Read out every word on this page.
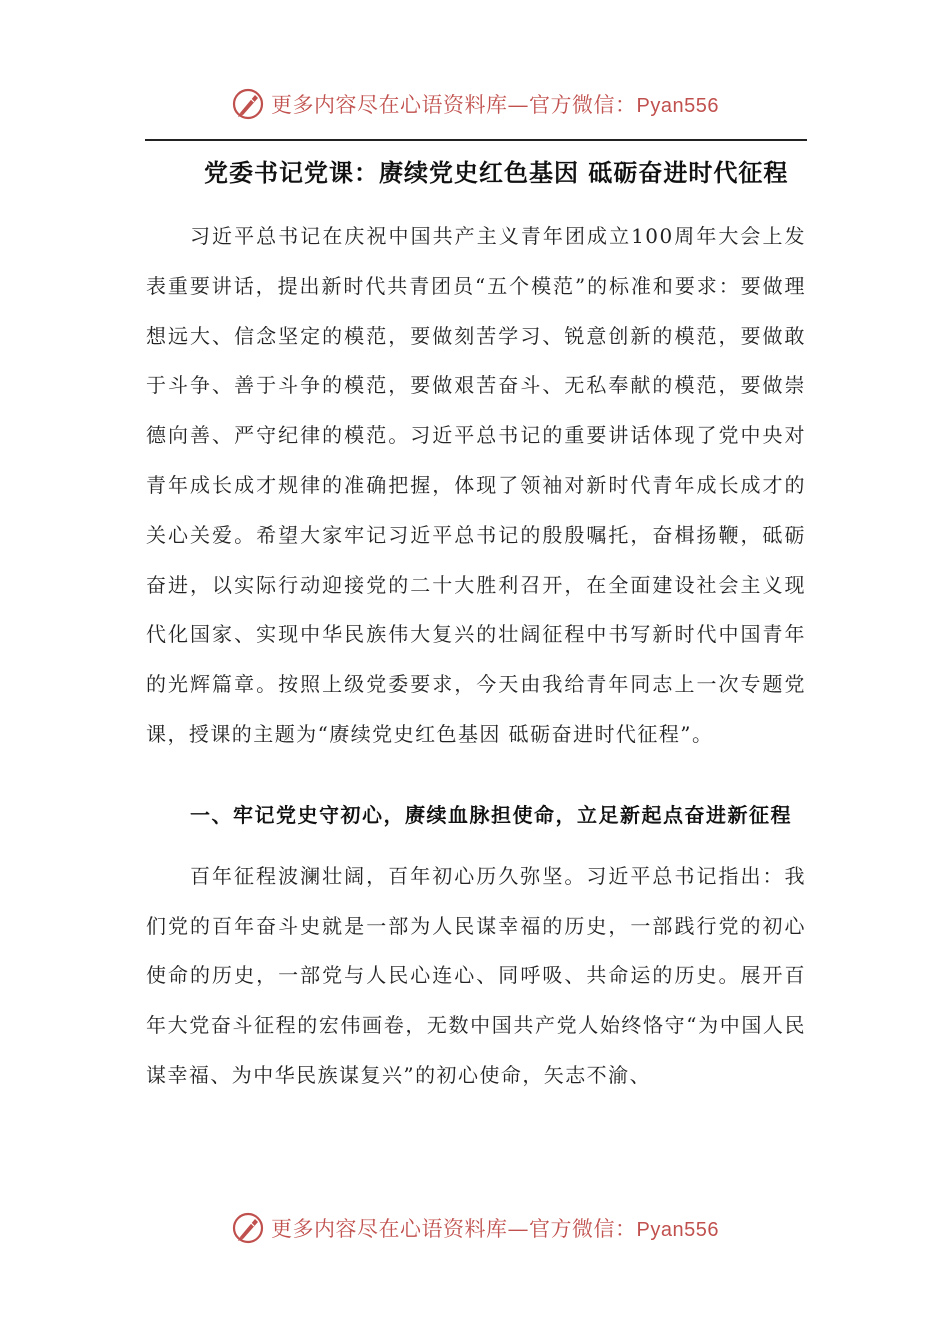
更多内容尽在心语资料库—官方微信：Pyan556
党委书记党课：赓续党史红色基因 砥砺奋进时代征程

习近平总书记在庆祝中国共产主义青年团成立100周年大会上发表重要讲话，提出新时代共青团员“五个模范”的标准和要求：要做理想远大、信念坚定的模范，要做刻苦学习、锐意创新的模范，要做敢于斗争、善于斗争的模范，要做艰苦奋斗、无私奉献的模范，要做崇德向善、严守纪律的模范。习近平总书记的重要讲话体现了党中央对青年成长成才规律的准确把握，体现了领袖对新时代青年成长成才的关心关爱。希望大家牢记习近平总书记的殷殷嘱托，奋楫扬鞭，砥砺奋进，以实际行动迎接党的二十大胜利召开，在全面建设社会主义现代化国家、实现中华民族伟大复兴的壮阔征程中书写新时代中国青年的光辉篇章。按照上级党委要求，今天由我给青年同志上一次专题党课，授课的主题为“赓续党史红色基因 砥砺奋进时代征程”。

一、牢记党史守初心，赓续血脉担使命，立足新起点奋进新征程

百年征程波澜壮阔，百年初心历久弥坚。习近平总书记指出：我们党的百年奋斗史就是一部为人民谋幸福的历史，一部践行党的初心使命的历史，一部党与人民心连心、同呼吸、共命运的历史。展开百年大党奋斗征程的宏伟画卷，无数中国共产党人始终恪守“为中国人民谋幸福、为中华民族谋复兴”的初心使命，矢志不渝、

更多内容尽在心语资料库—官方微信：Pyan556
